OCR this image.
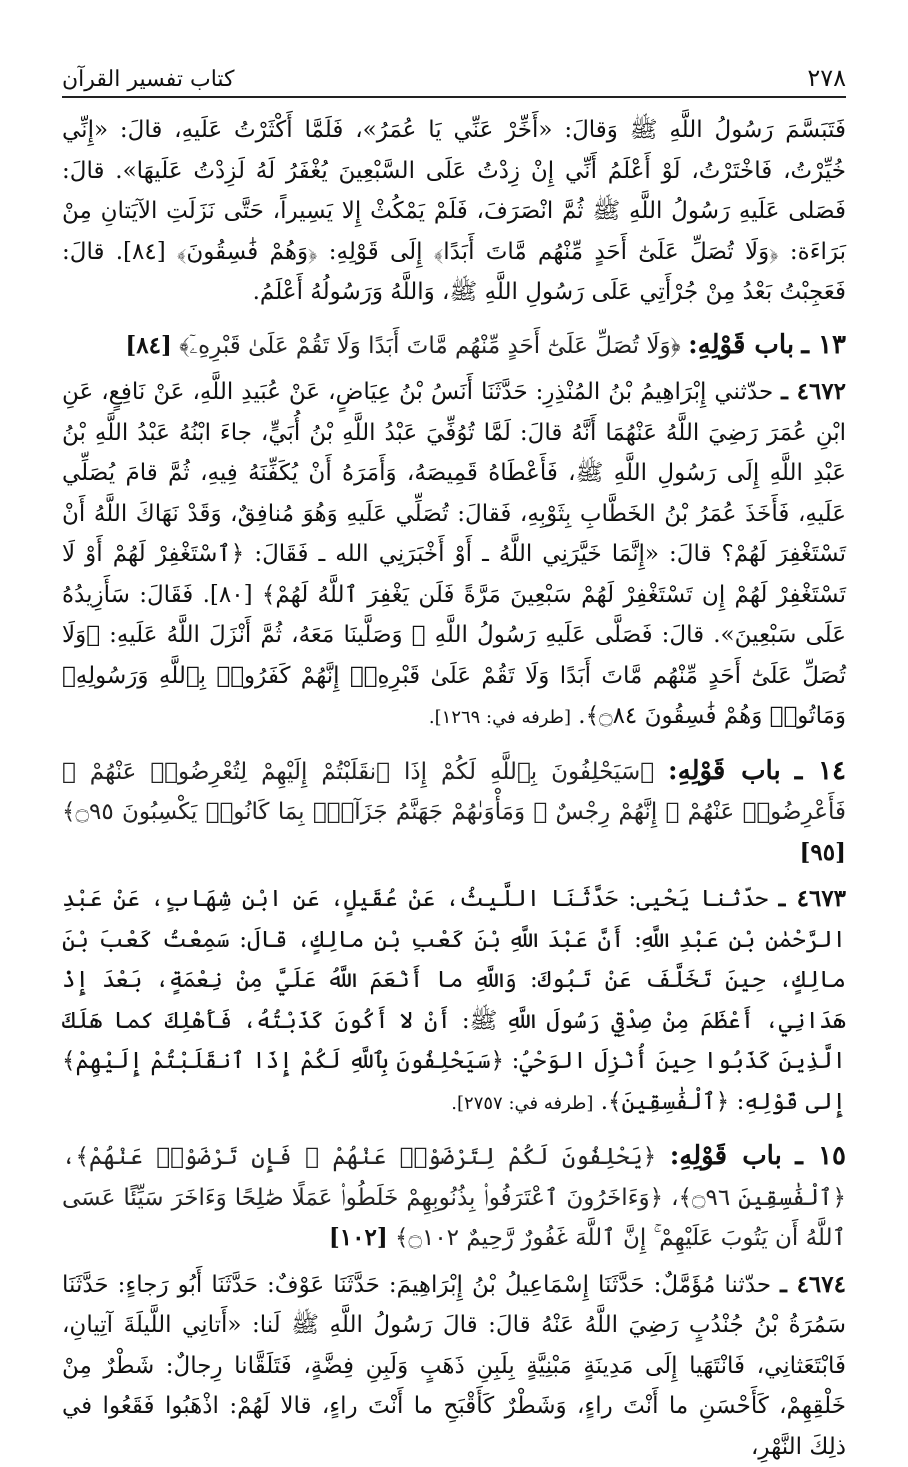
كتاب تفسير القرآن	٢٧٨

فَتَبَسَّمَ رَسُولُ اللَّهِ ﷺ وَقالَ: «أَخِّرْ عَنِّي يَا عُمَرُ»، فَلَمَّا أَكْثَرْتُ عَلَيهِ، قالَ: «إِنِّي خُيِّرْتُ، فَاخْتَرْتُ، لَوْ أَعْلَمُ أَنِّي إِنْ زِدْتُ عَلَى السَّبْعِينَ يُغْفَرُ لَهُ لَزِدْتُ عَلَيهَا». قالَ: فَصَلى عَلَيهِ رَسُولُ اللَّهِ ﷺ ثُمَّ انْصَرَفَ، فَلَمْ يَمْكُثْ إِلا يَسِيراً، حَتَّى نَزَلَتِ الآيَتانِ مِنْ بَرَاءَة: ﴿وَلَا تُصَلِّ عَلَىٰٓ أَحَدٍ مِّنْهُم مَّاتَ أَبَدًا﴾ إِلَى قَوْلِهِ: ﴿وَهُمْ فَٰسِقُونَ﴾ [٨٤]. قالَ: فَعَجِبْتُ بَعْدُ مِنْ جُرْأَتِي عَلَى رَسُولِ اللَّهِ ﷺ، وَاللَّهُ وَرَسُولُهُ أَعْلَمُ.

١٣ ـ باب قَوْلِهِ: ﴿وَلَا تُصَلِّ عَلَىٰٓ أَحَدٍ مِّنْهُم مَّاتَ أَبَدًا وَلَا تَقُمْ عَلَىٰ قَبْرِهِۦٓ﴾ [٨٤]

٤٦٧٢ ـ حدّثني إِبْرَاهِيمُ بْنُ المُنْذِرِ: حَدَّثَنَا أَنَسُ بْنُ عِيَاضٍ، عَنْ عُبَيدِ اللَّهِ، عَنْ نَافِعٍ، عَنِ ابْنِ عُمَرَ رَضِيَ اللَّهُ عَنْهُمَا أَنَّهُ قالَ: لَمَّا تُوُفِّيَ عَبْدُ اللَّهِ بْنُ أُبَيٍّ، جاءَ ابْنُهُ عَبْدُ اللَّهِ بْنُ عَبْدِ اللَّهِ إِلَى رَسُولِ اللَّهِ ﷺ، فَأَعْطَاهُ قَمِيصَهُ، وَأَمَرَهُ أَنْ يُكَفِّنَهُ فِيهِ، ثُمَّ قامَ يُصَلِّي عَلَيهِ، فَأَخَذَ عُمَرُ بْنُ الخَطَّابِ بِثَوْبِهِ، فَقالَ: تُصَلِّي عَلَيهِ وَهُوَ مُنافِقٌ، وَقَدْ نَهَاكَ اللَّهُ أَنْ تَسْتَغْفِرَ لَهُمْ؟ قالَ: «إِنَّمَا خَيَّرَنِي اللَّهُ ـ أَوْ أَخْبَرَنِي الله ـ فَقَالَ: ﴿ٱسْتَغْفِرْ لَهُمْ أَوْ لَا تَسْتَغْفِرْ لَهُمْ إِن تَسْتَغْفِرْ لَهُمْ سَبْعِينَ مَرَّةً فَلَن يَغْفِرَ ٱللَّهُ لَهُمْ﴾ [٨٠]. فَقَالَ: سَأَزِيدُهُ عَلَى سَبْعِينَ». قالَ: فَصَلَّى عَلَيهِ رَسُولُ اللَّهِ ﷺ وَصَلَّينَا مَعَهُ، ثُمَّ أَنْزَلَ اللَّهُ عَلَيهِ: ﴿وَلَا تُصَلِّ عَلَىٰٓ أَحَدٍ مِّنْهُم مَّاتَ أَبَدًا وَلَا تَقُمْ عَلَىٰ قَبْرِهِۦٓ إِنَّهُمْ كَفَرُوا۟ بِٱللَّهِ وَرَسُولِهِۦ وَمَاتُوا۟ وَهُمْ فَٰسِقُونَ ۝٨٤﴾. [طرفه في: ١٢٦٩].

١٤ ـ باب قَوْلِهِ: ﴿سَيَحْلِفُونَ بِٱللَّهِ لَكُمْ إِذَا ٱنقَلَبْتُمْ إِلَيْهِمْ لِتُعْرِضُوا۟ عَنْهُمْ ۖ فَأَعْرِضُوا۟ عَنْهُمْ ۖ إِنَّهُمْ رِجْسٌ ۖ وَمَأْوَىٰهُمْ جَهَنَّمُ جَزَآءًۢ بِمَا كَانُوا۟ يَكْسِبُونَ ۝٩٥﴾ [٩٥]

٤٦٧٣ ـ حدّثنا يَحْيى: حَدَّثَنَا اللَّيثُ، عَنْ عُقَيلٍ، عَنِ ابْنِ شِهَابٍ، عَنْ عَبْدِ الرَّحْمٰنِ بْنِ عَبْدِ اللَّهِ: أَنَّ عَبْدَ اللَّهِ بْنَ كَعْبِ بْنِ مالِكٍ، قالَ: سَمِعْتُ كَعْبَ بْنَ مالِكٍ، حِينَ تَخَلَّفَ عَنْ تَبُوكَ: وَاللَّهِ ما أَنْعَمَ اللَّهُ عَلَيَّ مِنْ نِعْمَةٍ، بَعْدَ إِذْ هَدَانِي، أَعْظَمَ مِنْ صِدْقِي رَسُولَ اللَّهِ ﷺ: أَنْ لا أَكُونَ كَذَبْتُهُ، فَأَهْلِكَ كما هَلَكَ الَّذِينَ كَذَبُوا حِينَ أُنْزِلَ الوَحْيُ: ﴿سَيَحْلِفُونَ بِٱللَّهِ لَكُمْ إِذَا ٱنقَلَبْتُمْ إِلَيْهِمْ﴾ إِلى قَوْلِهِ: ﴿ٱلْفَٰسِقِينَ﴾. [طرفه في: ٢٧٥٧].

١٥ ـ باب قَوْلِهِ: ﴿يَحْلِفُونَ لَكُمْ لِتَرْضَوْا۟ عَنْهُمْ ۖ فَإِن تَرْضَوْا۟ عَنْهُمْ﴾، ﴿ٱلْفَٰسِقِينَ ۝٩٦﴾، ﴿وَءَاخَرُونَ ٱعْتَرَفُوا۟ بِذُنُوبِهِمْ خَلَطُوا۟ عَمَلًا صَٰلِحًا وَءَاخَرَ سَيِّئًا عَسَى ٱللَّهُ أَن يَتُوبَ عَلَيْهِمْ ۚ إِنَّ ٱللَّهَ غَفُورٌ رَّحِيمٌ ۝١٠٢﴾ [١٠٢]

٤٦٧٤ ـ حدّثنا مُؤَمَّلٌ: حَدَّثَنَا إِسْمَاعِيلُ بْنُ إِبْرَاهِيمَ: حَدَّثَنَا عَوْفٌ: حَدَّثَنَا أَبُو رَجاءٍ: حَدَّثَنَا سَمُرَةُ بْنُ جُنْدُبٍ رَضِيَ اللَّهُ عَنْهُ قالَ: قالَ رَسُولُ اللَّهِ ﷺ لَنا: «أَتانِي اللَّيلَةَ آتِيانِ، فَابْتَعَثانِي، فَانْتَهَيا إِلَى مَدِينَةٍ مَبْنِيَّةٍ بِلَبِنِ ذَهَبٍ وَلَبِنِ فِضَّةٍ، فَتَلَقَّانا رِجالٌ: شَطْرٌ مِنْ خَلْقِهِمْ، كَأَحْسَنِ ما أَنْتَ راءٍ، وَشَطْرٌ كَأَقْبَحِ ما أَنْتَ راءٍ، قالا لَهُمْ: اذْهَبُوا فَقَعُوا في ذلِكَ النَّهْرِ،
